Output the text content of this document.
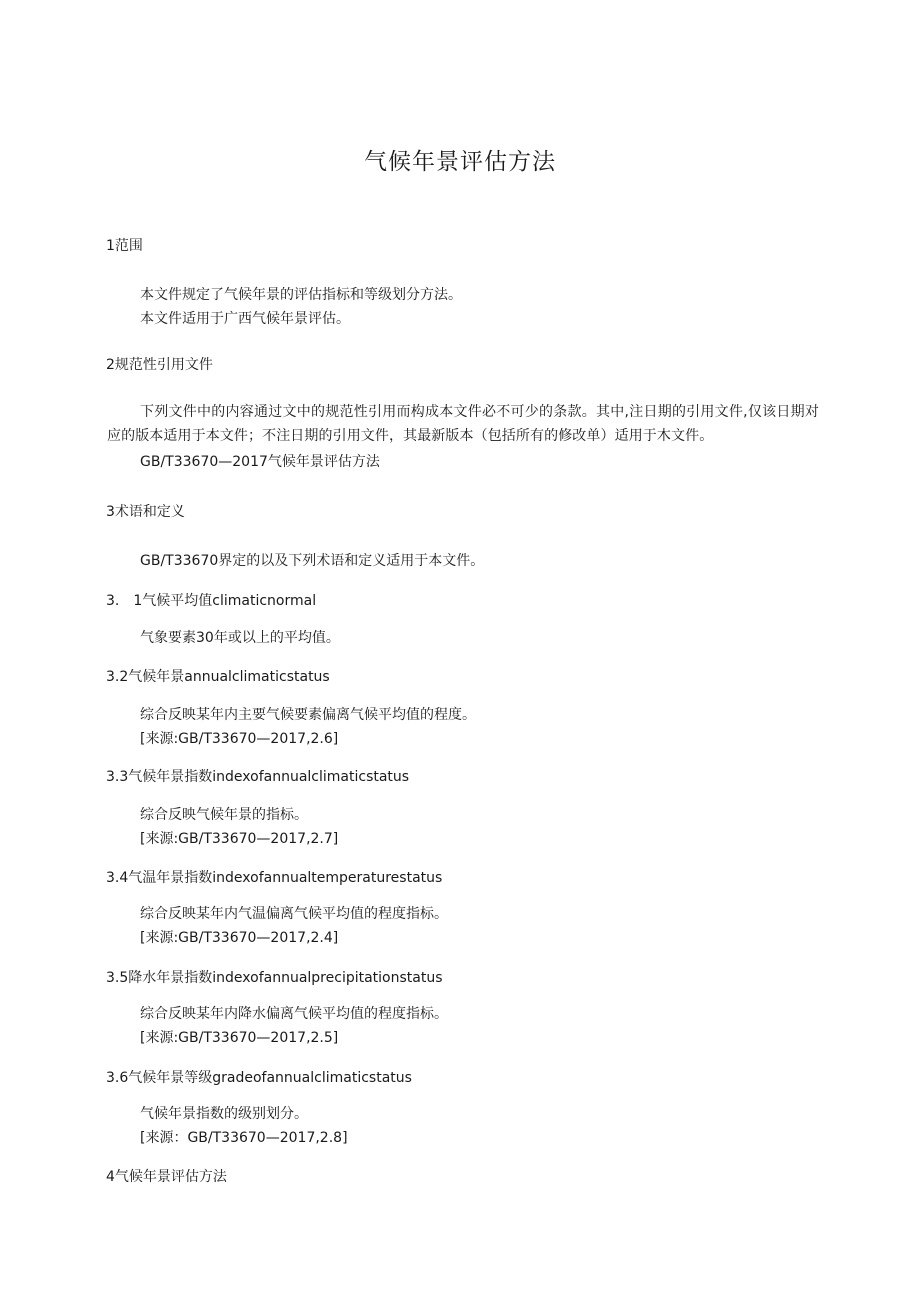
气候年景评估方法
1范围
本文件规定了气候年景的评估指标和等级划分方法。
本文件适用于广西气候年景评估。
2规范性引用文件
下列文件中的内容通过文中的规范性引用而构成本文件必不可少的条款。其中,注日期的引用文件,仅该日期对应的版本适用于本文件；不注日期的引用文件，其最新版本（包括所有的修改单）适用于木文件。
GB/T33670—2017气候年景评估方法
3术语和定义
GB/T33670界定的以及下列术语和定义适用于本文件。
3.　1气候平均值climaticnormal
气象要素30年或以上的平均值。
3.2气候年景annualclimaticstatus
综合反映某年内主要气候要素偏离气候平均值的程度。
[来源:GB/T33670—2017,2.6]
3.3气候年景指数indexofannualclimaticstatus
综合反映气候年景的指标。
[来源:GB/T33670—2017,2.7]
3.4气温年景指数indexofannualtemperaturestatus
综合反映某年内气温偏离气候平均值的程度指标。
[来源:GB/T33670—2017,2.4]
3.5降水年景指数indexofannualprecipitationstatus
综合反映某年内降水偏离气候平均值的程度指标。
[来源:GB/T33670—2017,2.5]
3.6气候年景等级gradeofannualclimaticstatus
气候年景指数的级别划分。
[来源：GB/T33670—2017,2.8]
4气候年景评估方法
